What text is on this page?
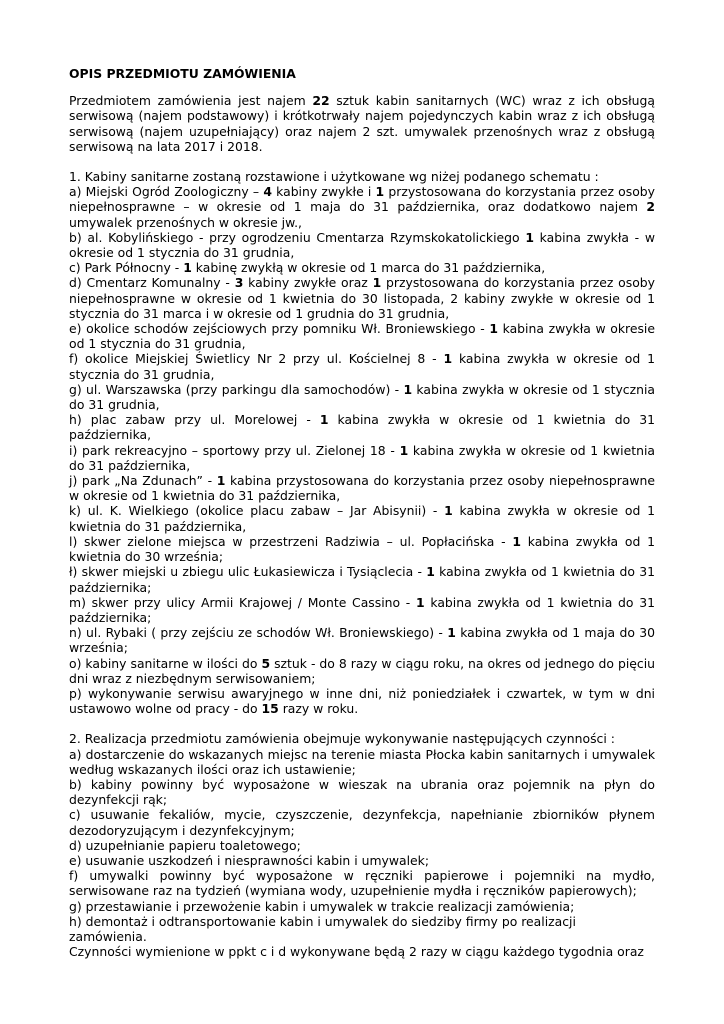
OPIS PRZEDMIOTU ZAMÓWIENIA

Przedmiotem zamówienia jest najem 22 sztuk kabin sanitarnych (WC) wraz z ich obsługą serwisową (najem podstawowy) i krótkotrwały najem pojedynczych kabin wraz z ich obsługą serwisową (najem uzupełniający) oraz najem 2 szt. umywalek przenośnych wraz z obsługą serwisową na lata 2017 i 2018.

1. Kabiny sanitarne zostaną rozstawione i użytkowane wg niżej podanego schematu :

a) Miejski Ogród Zoologiczny – 4 kabiny zwykłe i 1 przystosowana do korzystania przez osoby niepełnosprawne – w okresie od 1 maja do 31 października, oraz dodatkowo najem 2 umywalek przenośnych w okresie jw.,

b) al. Kobylińskiego - przy ogrodzeniu Cmentarza Rzymskokatolickiego 1 kabina zwykła - w okresie od 1 stycznia do 31 grudnia,

c) Park Północny - 1 kabinę zwykłą w okresie od 1 marca do 31 października,

d) Cmentarz Komunalny - 3 kabiny zwykłe oraz 1 przystosowana do korzystania przez osoby niepełnosprawne w okresie od 1 kwietnia do 30 listopada, 2 kabiny zwykłe w okresie od 1 stycznia do 31 marca i w okresie od 1 grudnia do 31 grudnia,

e) okolice schodów zejściowych przy pomniku Wł. Broniewskiego - 1 kabina zwykła w okresie od 1 stycznia do 31 grudnia,

f) okolice Miejskiej Świetlicy Nr 2 przy ul. Kościelnej 8 - 1 kabina zwykła w okresie od 1 stycznia do 31 grudnia,

g) ul. Warszawska (przy parkingu dla samochodów) - 1 kabina zwykła w okresie od 1 stycznia do 31 grudnia,

h) plac zabaw przy ul. Morelowej - 1 kabina zwykła w okresie od 1 kwietnia do 31 października,

i) park rekreacyjno – sportowy przy ul. Zielonej 18 - 1 kabina zwykła w okresie od 1 kwietnia do 31 października,

j) park „Na Zdunach” - 1 kabina przystosowana do korzystania przez osoby niepełnosprawne w okresie od 1 kwietnia do 31 października,

k) ul. K. Wielkiego (okolice placu zabaw – Jar Abisynii) - 1 kabina zwykła w okresie od 1 kwietnia do 31 października,

l) skwer zielone miejsca w przestrzeni Radziwia – ul. Popłacińska - 1 kabina zwykła od 1 kwietnia do 30 września;

ł) skwer miejski u zbiegu ulic Łukasiewicza i Tysiąclecia - 1 kabina zwykła od 1 kwietnia do 31 października;

m) skwer przy ulicy Armii Krajowej / Monte Cassino - 1 kabina zwykła od 1 kwietnia do 31 października;

n) ul. Rybaki ( przy zejściu ze schodów Wł. Broniewskiego) - 1 kabina zwykła od 1 maja do 30 września;

o) kabiny sanitarne w ilości do 5 sztuk - do 8 razy w ciągu roku, na okres od jednego do pięciu dni wraz z niezbędnym serwisowaniem;

p) wykonywanie serwisu awaryjnego w inne dni, niż poniedziałek i czwartek, w tym w dni ustawowo wolne od pracy - do 15 razy w roku.

2. Realizacja przedmiotu zamówienia obejmuje wykonywanie następujących czynności :

a) dostarczenie do wskazanych miejsc na terenie miasta Płocka kabin sanitarnych i umywalek według wskazanych ilości oraz ich ustawienie;

b) kabiny powinny być wyposażone w wieszak na ubrania oraz pojemnik na płyn do dezynfekcji rąk;

c) usuwanie fekaliów, mycie, czyszczenie, dezynfekcja, napełnianie zbiorników płynem dezodoryzującym i dezynfekcyjnym;

d) uzupełnianie papieru toaletowego;

e) usuwanie uszkodzeń i niesprawności kabin i umywalek;

f) umywalki powinny być wyposażone w ręczniki papierowe i pojemniki na mydło, serwisowane raz na tydzień (wymiana wody, uzupełnienie mydła i ręczników papierowych);

g) przestawianie i przewożenie kabin i umywalek w trakcie realizacji zamówienia;

h) demontaż i odtransportowanie kabin i umywalek do siedziby firmy po realizacji zamówienia.

Czynności wymienione w ppkt c i d wykonywane będą 2 razy w ciągu każdego tygodnia oraz
